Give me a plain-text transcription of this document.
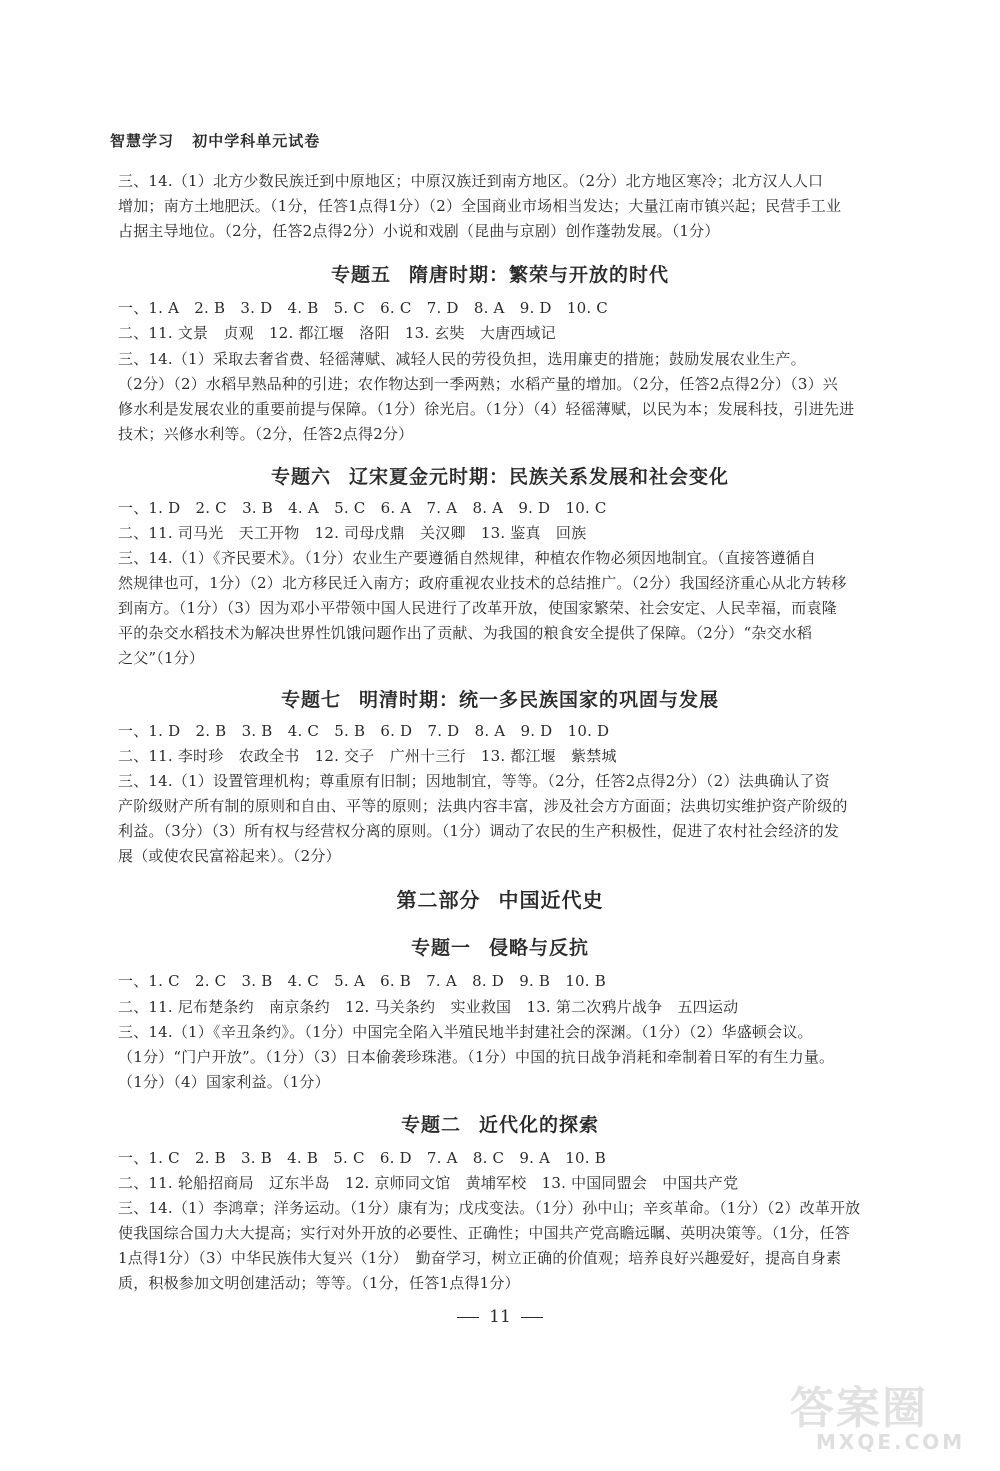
智慧学习 初中学科单元试卷
三、14.（1）北方少数民族迁到中原地区；中原汉族迁到南方地区。（2分）北方地区寒冷；北方汉人人口
增加；南方土地肥沃。（1分，任答1点得1分）（2）全国商业市场相当发达；大量江南市镇兴起；民营手工业
占据主导地位。（2分，任答2点得2分）小说和戏剧（昆曲与京剧）创作蓬勃发展。（1分）
专题五 隋唐时期：繁荣与开放的时代
一、1. A　2. B　3. D　4. B　5. C　6. C　7. D　8. A　9. D　10. C
二、11. 文景　贞观　12. 都江堰　洛阳　13. 玄奘　大唐西域记
三、14.（1）采取去奢省费、轻徭薄赋、减轻人民的劳役负担，选用廉吏的措施；鼓励发展农业生产。
（2分）（2）水稻早熟品种的引进；农作物达到一季两熟；水稻产量的增加。（2分，任答2点得2分）（3）兴
修水利是发展农业的重要前提与保障。（1分）徐光启。（1分）（4）轻徭薄赋，以民为本；发展科技，引进先进
技术；兴修水利等。（2分，任答2点得2分）
专题六 辽宋夏金元时期：民族关系发展和社会变化
一、1. D　2. C　3. B　4. A　5. C　6. A　7. A　8. A　9. D　10. C
二、11. 司马光　天工开物　12. 司母戊鼎　关汉卿　13. 鉴真　回族
三、14.（1）《齐民要术》。（1分）农业生产要遵循自然规律，种植农作物必须因地制宜。（直接答遵循自
然规律也可，1分）（2）北方移民迁入南方；政府重视农业技术的总结推广。（2分）我国经济重心从北方转移
到南方。（1分）（3）因为邓小平带领中国人民进行了改革开放，使国家繁荣、社会安定、人民幸福，而袁隆
平的杂交水稻技术为解决世界性饥饿问题作出了贡献、为我国的粮食安全提供了保障。（2分）“杂交水稻
之父”（1分）
专题七 明清时期：统一多民族国家的巩固与发展
一、1. D　2. B　3. B　4. C　5. B　6. D　7. D　8. A　9. D　10. D
二、11. 李时珍　农政全书　12. 交子　广州十三行　13. 都江堰　紫禁城
三、14.（1）设置管理机构；尊重原有旧制；因地制宜，等等。（2分，任答2点得2分）（2）法典确认了资
产阶级财产所有制的原则和自由、平等的原则；法典内容丰富，涉及社会方方面面；法典切实维护资产阶级的
利益。（3分）（3）所有权与经营权分离的原则。（1分）调动了农民的生产积极性，促进了农村社会经济的发
展（或使农民富裕起来）。（2分）
第二部分 中国近代史
专题一 侵略与反抗
一、1. C　2. C　3. B　4. C　5. A　6. B　7. A　8. D　9. B　10. B
二、11. 尼布楚条约　南京条约　12. 马关条约　实业救国　13. 第二次鸦片战争　五四运动
三、14.（1）《辛丑条约》。（1分）中国完全陷入半殖民地半封建社会的深渊。（1分）（2）华盛顿会议。
（1分）“门户开放”。（1分）（3）日本偷袭珍珠港。（1分）中国的抗日战争消耗和牵制着日军的有生力量。
（1分）（4）国家利益。（1分）
专题二 近代化的探索
一、1. C　2. B　3. B　4. B　5. C　6. D　7. A　8. C　9. A　10. B
二、11. 轮船招商局　辽东半岛　12. 京师同文馆　黄埔军校　13. 中国同盟会　中国共产党
三、14.（1）李鸿章；洋务运动。（1分）康有为；戊戌变法。（1分）孙中山；辛亥革命。（1分）（2）改革开放
使我国综合国力大大提高；实行对外开放的必要性、正确性；中国共产党高瞻远瞩、英明决策等。（1分，任答
1点得1分）（3）中华民族伟大复兴（1分）　勤奋学习，树立正确的价值观；培养良好兴趣爱好，提高自身素
质，积极参加文明创建活动；等等。（1分，任答1点得1分）
11
答案圈
MXQE.COM
